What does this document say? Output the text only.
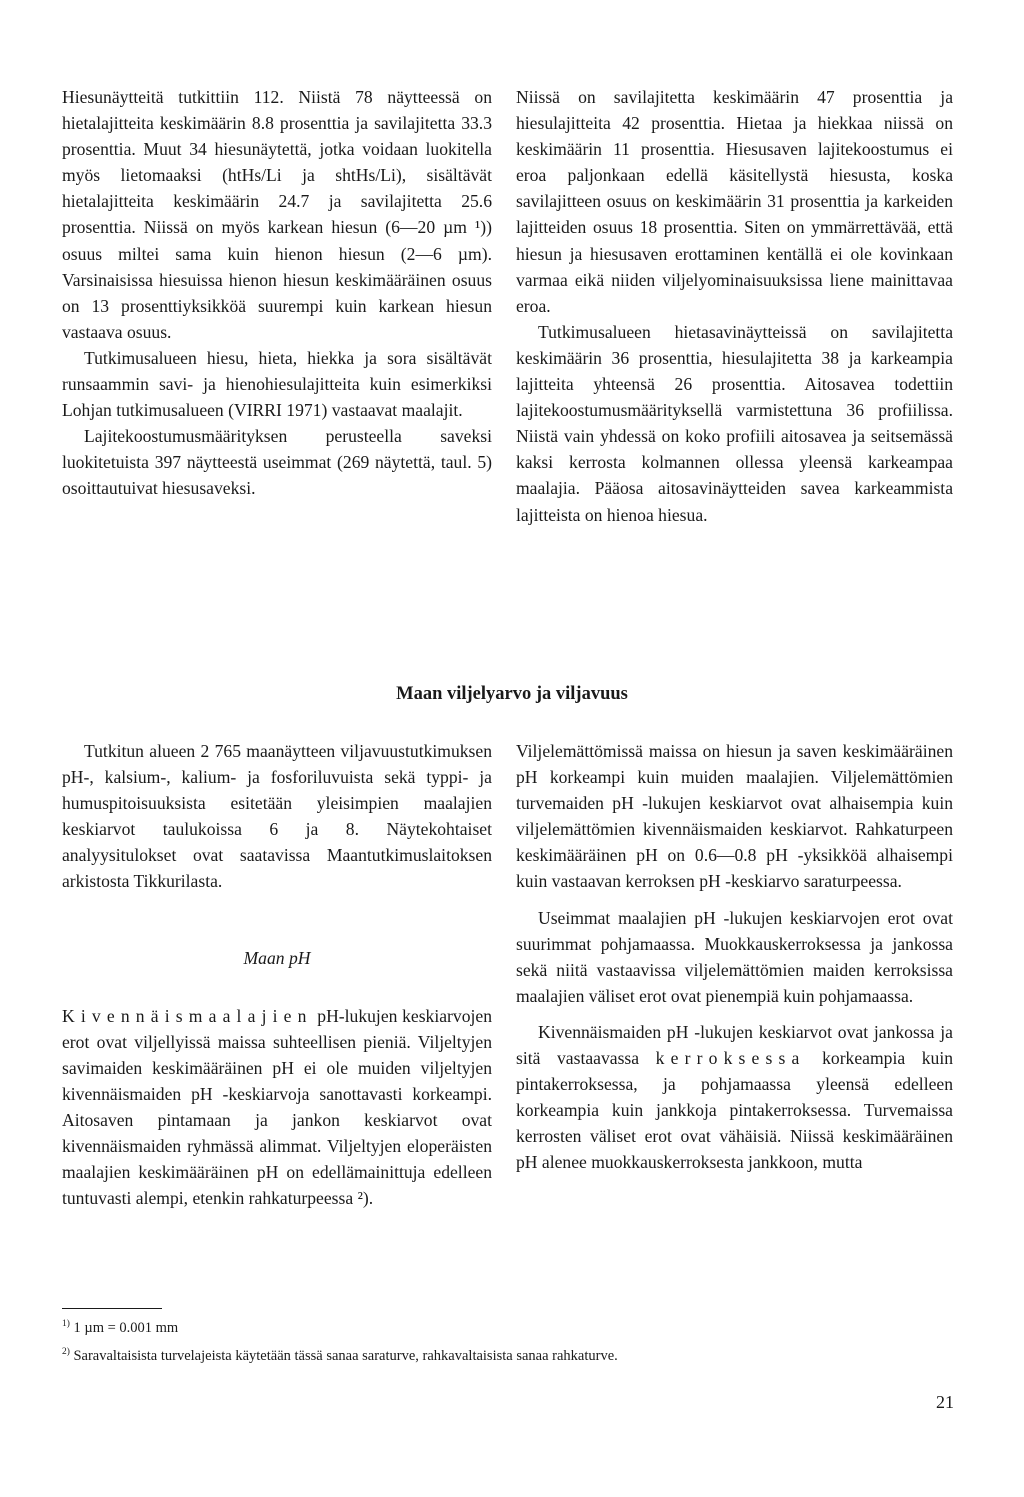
Hiesunäytteitä tutkittiin 112. Niistä 78 näytteessä on hietalajitteita keskimäärin 8.8 prosenttia ja savilajitetta 33.3 prosenttia. Muut 34 hiesunäytettä, jotka voidaan luokitella myös lietomaaksi (htHs/Li ja shtHs/Li), sisältävät hietalajitteita keskimäärin 24.7 ja savilajitetta 25.6 prosenttia. Niissä on myös karkean hiesun (6—20 µm ¹)) osuus miltei sama kuin hienon hiesun (2—6 µm). Varsinaisissa hiesuissa hienon hiesun keskimääräinen osuus on 13 prosenttiyksikköä suurempi kuin karkean hiesun vastaava osuus.

Tutkimusalueen hiesu, hieta, hiekka ja sora sisältävät runsaammin savi- ja hienohiesulajitteita kuin esimerkiksi Lohjan tutkimusalueen (VIRRI 1971) vastaavat maalajit.

Lajitekoostumusmäärityksen perusteella saveksi luokitetuista 397 näytteestä useimmat (269 näytettä, taul. 5) osoittautuivat hiesusaveksi.

Niissä on savilajitetta keskimäärin 47 prosenttia ja hiesulajitteita 42 prosenttia. Hietaa ja hiekkaa niissä on keskimäärin 11 prosenttia. Hiesusaven lajitekoostumus ei eroa paljonkaan edellä käsitellystä hiesusta, koska savilajitteen osuus on keskimäärin 31 prosenttia ja karkeiden lajitteiden osuus 18 prosenttia. Siten on ymmärrettävää, että hiesun ja hiesusaven erottaminen kentällä ei ole kovinkaan varmaa eikä niiden viljelyominaisuuksissa liene mainittavaa eroa.

Tutkimusalueen hietasavinäytteissä on savilajitetta keskimäärin 36 prosenttia, hiesulajitetta 38 ja karkeampia lajitteita yhteensä 26 prosenttia. Aitosavea todettiin lajitekoostumusmäärityksellä varmistettuna 36 profiilissa. Niistä vain yhdessä on koko profiili aitosavea ja seitsemässä kaksi kerrosta kolmannen ollessa yleensä karkeampaa maalajia. Pääosa aitosavinäytteiden savea karkeammista lajitteista on hienoa hiesua.

Maan viljelyarvo ja viljavuus

Tutkitun alueen 2 765 maanäytteen viljavuustutkimuksen pH-, kalsium-, kalium- ja fosforiluvuista sekä typpi- ja humuspitoisuuksista esitetään yleisimpien maalajien keskiarvot taulukoissa 6 ja 8. Näytekohtaiset analyysitulokset ovat saatavissa Maantutkimuslaitoksen arkistosta Tikkurilasta.

Maan pH

Kivennäismaalajien pH-lukujen keskiarvojen erot ovat viljellyissä maissa suhteellisen pieniä. Viljeltyjen savimaiden keskimääräinen pH ei ole muiden viljeltyjen kivennäismaiden pH -keskiarvoja sanottavasti korkeampi. Aitosaven pintamaan ja jankon keskiarvot ovat kivennäismaiden ryhmässä alimmat. Viljeltyjen eloperäisten maalajien keskimääräinen pH on edellämainittuja edelleen tuntuvasti alempi, etenkin rahkaturpeessa ²).

Viljelemättömissä maissa on hiesun ja saven keskimääräinen pH korkeampi kuin muiden maalajien. Viljelemättömien turvemaiden pH -lukujen keskiarvot ovat alhaisempia kuin viljelemättömien kivennäismaiden keskiarvot. Rahkaturpeen keskimääräinen pH on 0.6—0.8 pH -yksikköä alhaisempi kuin vastaavan kerroksen pH -keskiarvo saraturpeessa.

Useimmat maalajien pH -lukujen keskiarvojen erot ovat suurimmat pohjamaassa. Muokkauskerroksessa ja jankossa sekä niitä vastaavissa viljelemättömien maiden kerroksissa maalajien väliset erot ovat pienempiä kuin pohjamaassa.

Kivennäismaiden pH -lukujen keskiarvot ovat jankossa ja sitä vastaavassa kerroksessa korkeampia kuin pintakerroksessa, ja pohjamaassa yleensä edelleen korkeampia kuin jankkoja pintakerroksessa. Turvemaissa kerrosten väliset erot ovat vähäisiä. Niissä keskimääräinen pH alenee muokkauskerroksesta jankkoon, mutta

$^{1)}$ 1 µm = 0.001 mm
$^{2)}$ Saravaltaisista turvelajeista käytetään tässä sanaa saraturve, rahkavaltaisista sanaa rahkaturve.
21
